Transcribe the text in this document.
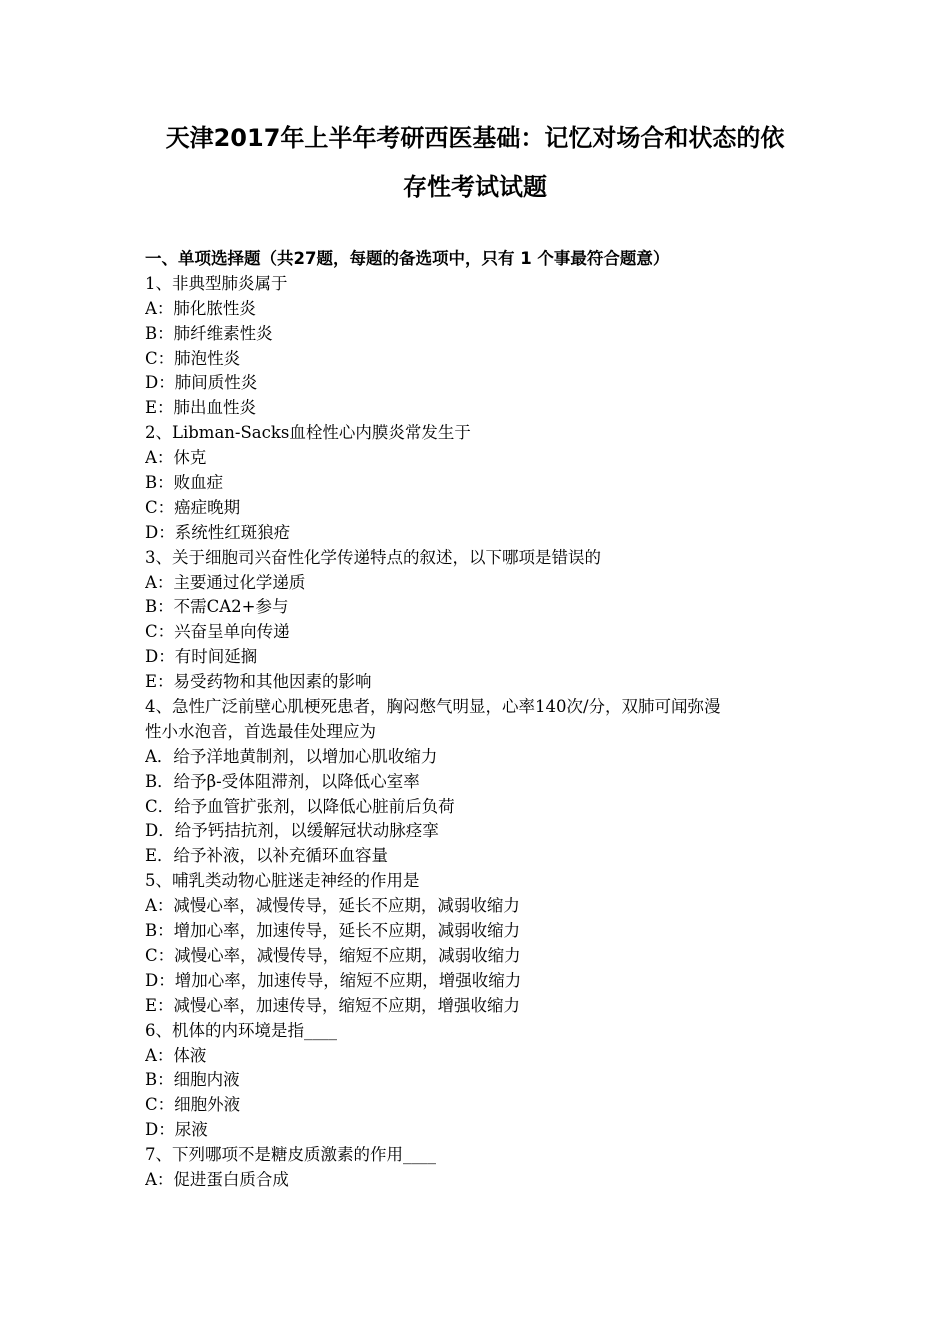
天津2017年上半年考研西医基础：记忆对场合和状态的依
存性考试试题
一、单项选择题（共27题，每题的备选项中，只有 1 个事最符合题意）
1、非典型肺炎属于
A：肺化脓性炎
B：肺纤维素性炎
C：肺泡性炎
D：肺间质性炎
E：肺出血性炎
2、Libman-Sacks血栓性心内膜炎常发生于
A：休克
B：败血症
C：癌症晚期
D：系统性红斑狼疮
3、关于细胞司兴奋性化学传递特点的叙述，以下哪项是错误的
A：主要通过化学递质
B：不需CA2+参与
C：兴奋呈单向传递
D：有时间延搁
E：易受药物和其他因素的影响
4、急性广泛前壁心肌梗死患者，胸闷憋气明显，心率140次/分，双肺可闻弥漫
性小水泡音，首选最佳处理应为
A．给予洋地黄制剂，以增加心肌收缩力
B．给予β-受体阻滞剂，以降低心室率
C．给予血管扩张剂，以降低心脏前后负荷
D．给予钙拮抗剂，以缓解冠状动脉痉挛
E．给予补液，以补充循环血容量
5、哺乳类动物心脏迷走神经的作用是
A：减慢心率，减慢传导，延长不应期，减弱收缩力
B：增加心率，加速传导，延长不应期，减弱收缩力
C：减慢心率，减慢传导，缩短不应期，减弱收缩力
D：增加心率，加速传导，缩短不应期，增强收缩力
E：减慢心率，加速传导，缩短不应期，增强收缩力
6、机体的内环境是指____
A：体液
B：细胞内液
C：细胞外液
D：尿液
7、下列哪项不是糖皮质激素的作用____
A：促进蛋白质合成
